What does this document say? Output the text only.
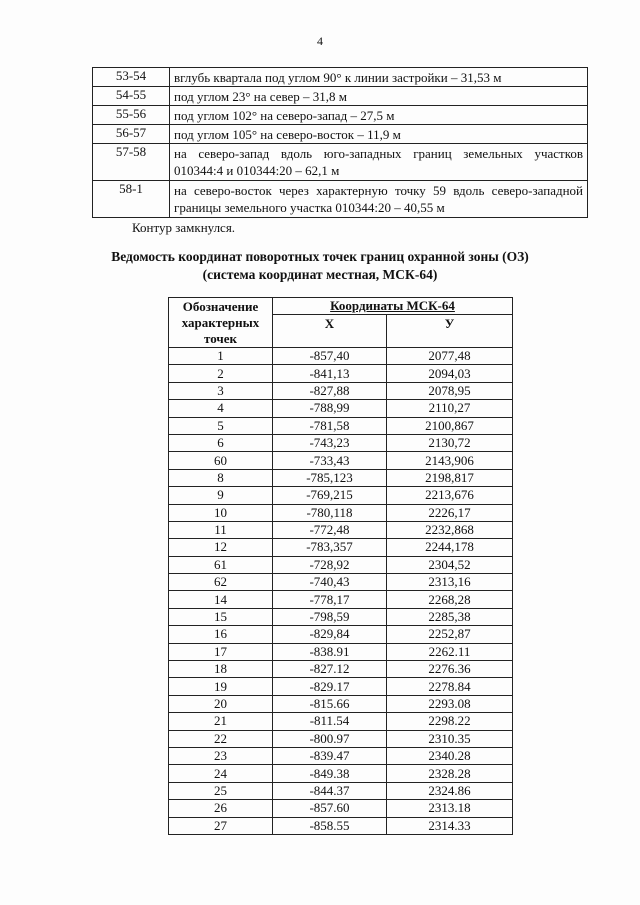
4
53-54	вглубь квартала под углом 90° к линии застройки – 31,53 м
54-55	под углом 23° на север – 31,8 м
55-56	под углом 102° на северо-запад – 27,5 м
56-57	под углом 105° на северо-восток – 11,9 м
57-58	на северо-запад вдоль юго-западных границ земельных участков 010344:4 и 010344:20 – 62,1 м
58-1	на северо-восток через характерную точку 59 вдоль северо-западной границы земельного участка 010344:20 – 40,55 м
Контур замкнулся.
Ведомость координат поворотных точек границ охранной зоны (ОЗ)
(система координат местная, МСК-64)
Обозначение характерных точек	Координаты МСК-64	
	X	У
1	-857,40	2077,48
2	-841,13	2094,03
3	-827,88	2078,95
4	-788,99	2110,27
5	-781,58	2100,867
6	-743,23	2130,72
60	-733,43	2143,906
8	-785,123	2198,817
9	-769,215	2213,676
10	-780,118	2226,17
11	-772,48	2232,868
12	-783,357	2244,178
61	-728,92	2304,52
62	-740,43	2313,16
14	-778,17	2268,28
15	-798,59	2285,38
16	-829,84	2252,87
17	-838.91	2262.11
18	-827.12	2276.36
19	-829.17	2278.84
20	-815.66	2293.08
21	-811.54	2298.22
22	-800.97	2310.35
23	-839.47	2340.28
24	-849.38	2328.28
25	-844.37	2324.86
26	-857.60	2313.18
27	-858.55	2314.33
